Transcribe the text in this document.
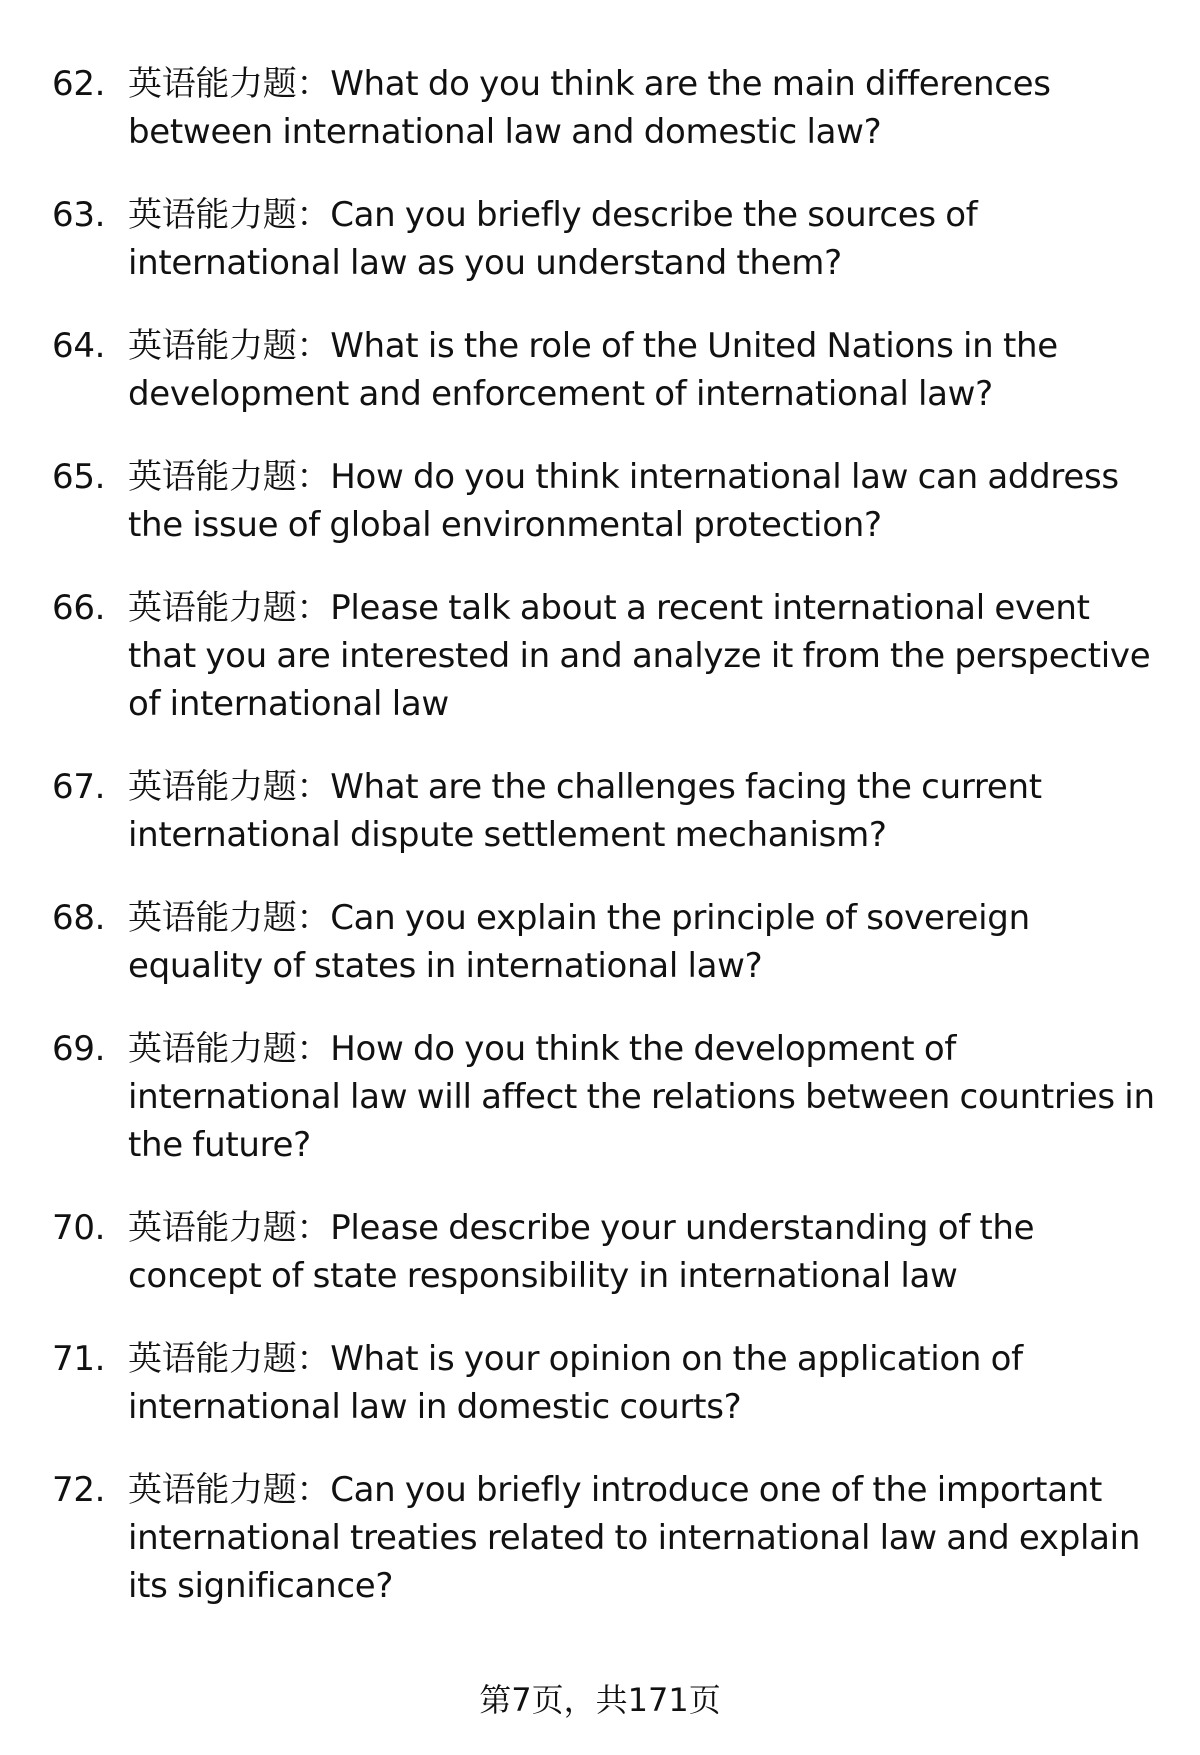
62. 英语能力题：What do you think are the main differences between international law and domestic law?
63. 英语能力题：Can you briefly describe the sources of international law as you understand them?
64. 英语能力题：What is the role of the United Nations in the development and enforcement of international law?
65. 英语能力题：How do you think international law can address the issue of global environmental protection?
66. 英语能力题：Please talk about a recent international event that you are interested in and analyze it from the perspective of international law
67. 英语能力题：What are the challenges facing the current international dispute settlement mechanism?
68. 英语能力题：Can you explain the principle of sovereign equality of states in international law?
69. 英语能力题：How do you think the development of international law will affect the relations between countries in the future?
70. 英语能力题：Please describe your understanding of the concept of state responsibility in international law
71. 英语能力题：What is your opinion on the application of international law in domestic courts?
72. 英语能力题：Can you briefly introduce one of the important international treaties related to international law and explain its significance?
第7页，共171页
